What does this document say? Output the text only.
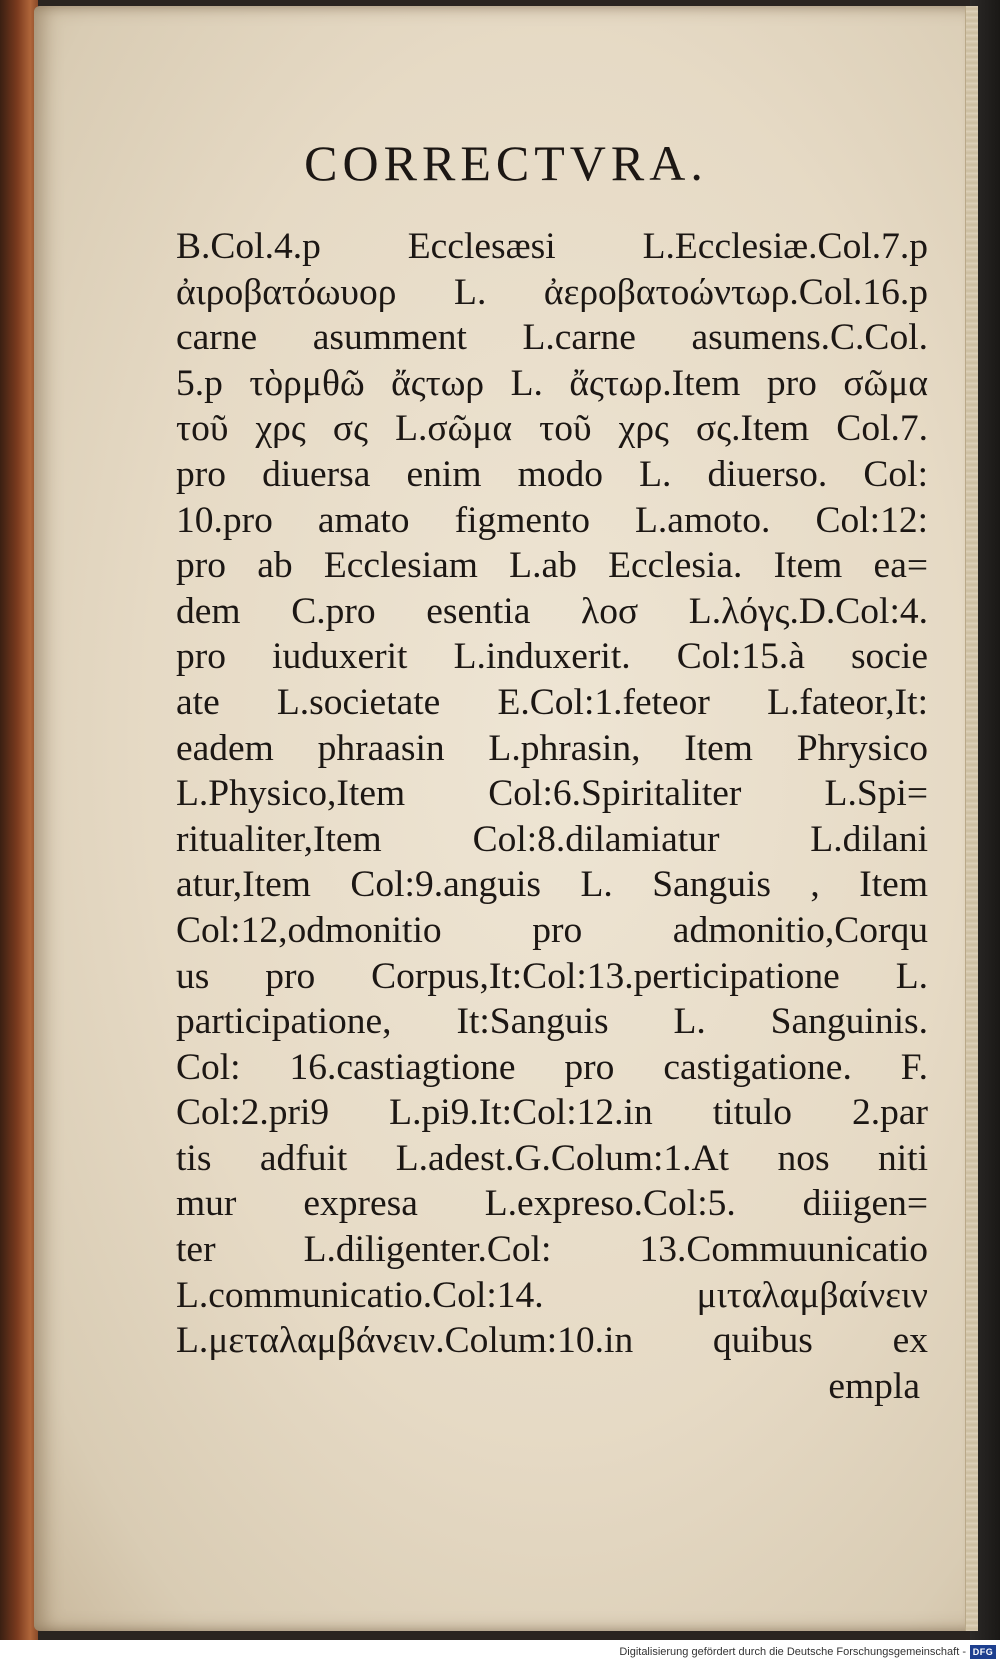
CORRECTVRA.
B.Col.4.p Ecclesæsi L.Ecclesiæ.Col.7.p
ἀιροβατόωυορ L. ἀεροβατοώντωρ.Col.16.p
carne asumment L.carne asumens.C.Col.
5.p τὸρμθῶ ἄςτωρ L. ἄςτωρ.Item pro σῶμα
τοῦ χρς σς L.σῶμα τοῦ χρς σς.Item Col.7.
pro diuersa enim modo L. diuerso. Col:
10.pro amato figmento L.amoto. Col:12:
pro ab Ecclesiam L.ab Ecclesia. Item ea=
dem C.pro esentia λοσ L.λόγς.D.Col:4.
pro iuduxerit L.induxerit. Col:15.à socie
ate L.societate E.Col:1.feteor L.fateor,It:
eadem phraasin L.phrasin, Item Phrysico
L.Physico,Item Col:6.Spiritaliter L.Spi=
ritualiter,Item Col:8.dilamiatur L.dilani
atur,Item Col:9.anguis L. Sanguis , Item
Col:12,odmonitio pro admonitio,Corqu
us pro Corpus,It:Col:13.perticipatione L.
participatione, It:Sanguis L. Sanguinis.
Col: 16.castiagtione pro castigatione. F.
Col:2.pri9 L.pi9.It:Col:12.in titulo 2.par
tis adfuit L.adest.G.Colum:1.At nos niti
mur expresa L.expreso.Col:5. diiigen=
ter L.diligenter.Col: 13.Commuunicatio
L.communicatio.Col:14. μιταλαμβαίνειν
L.μεταλαμβάνειν.Colum:10.in quibus ex
empla
Digitalisierung gefördert durch die Deutsche Forschungsgemeinschaft - DFG
